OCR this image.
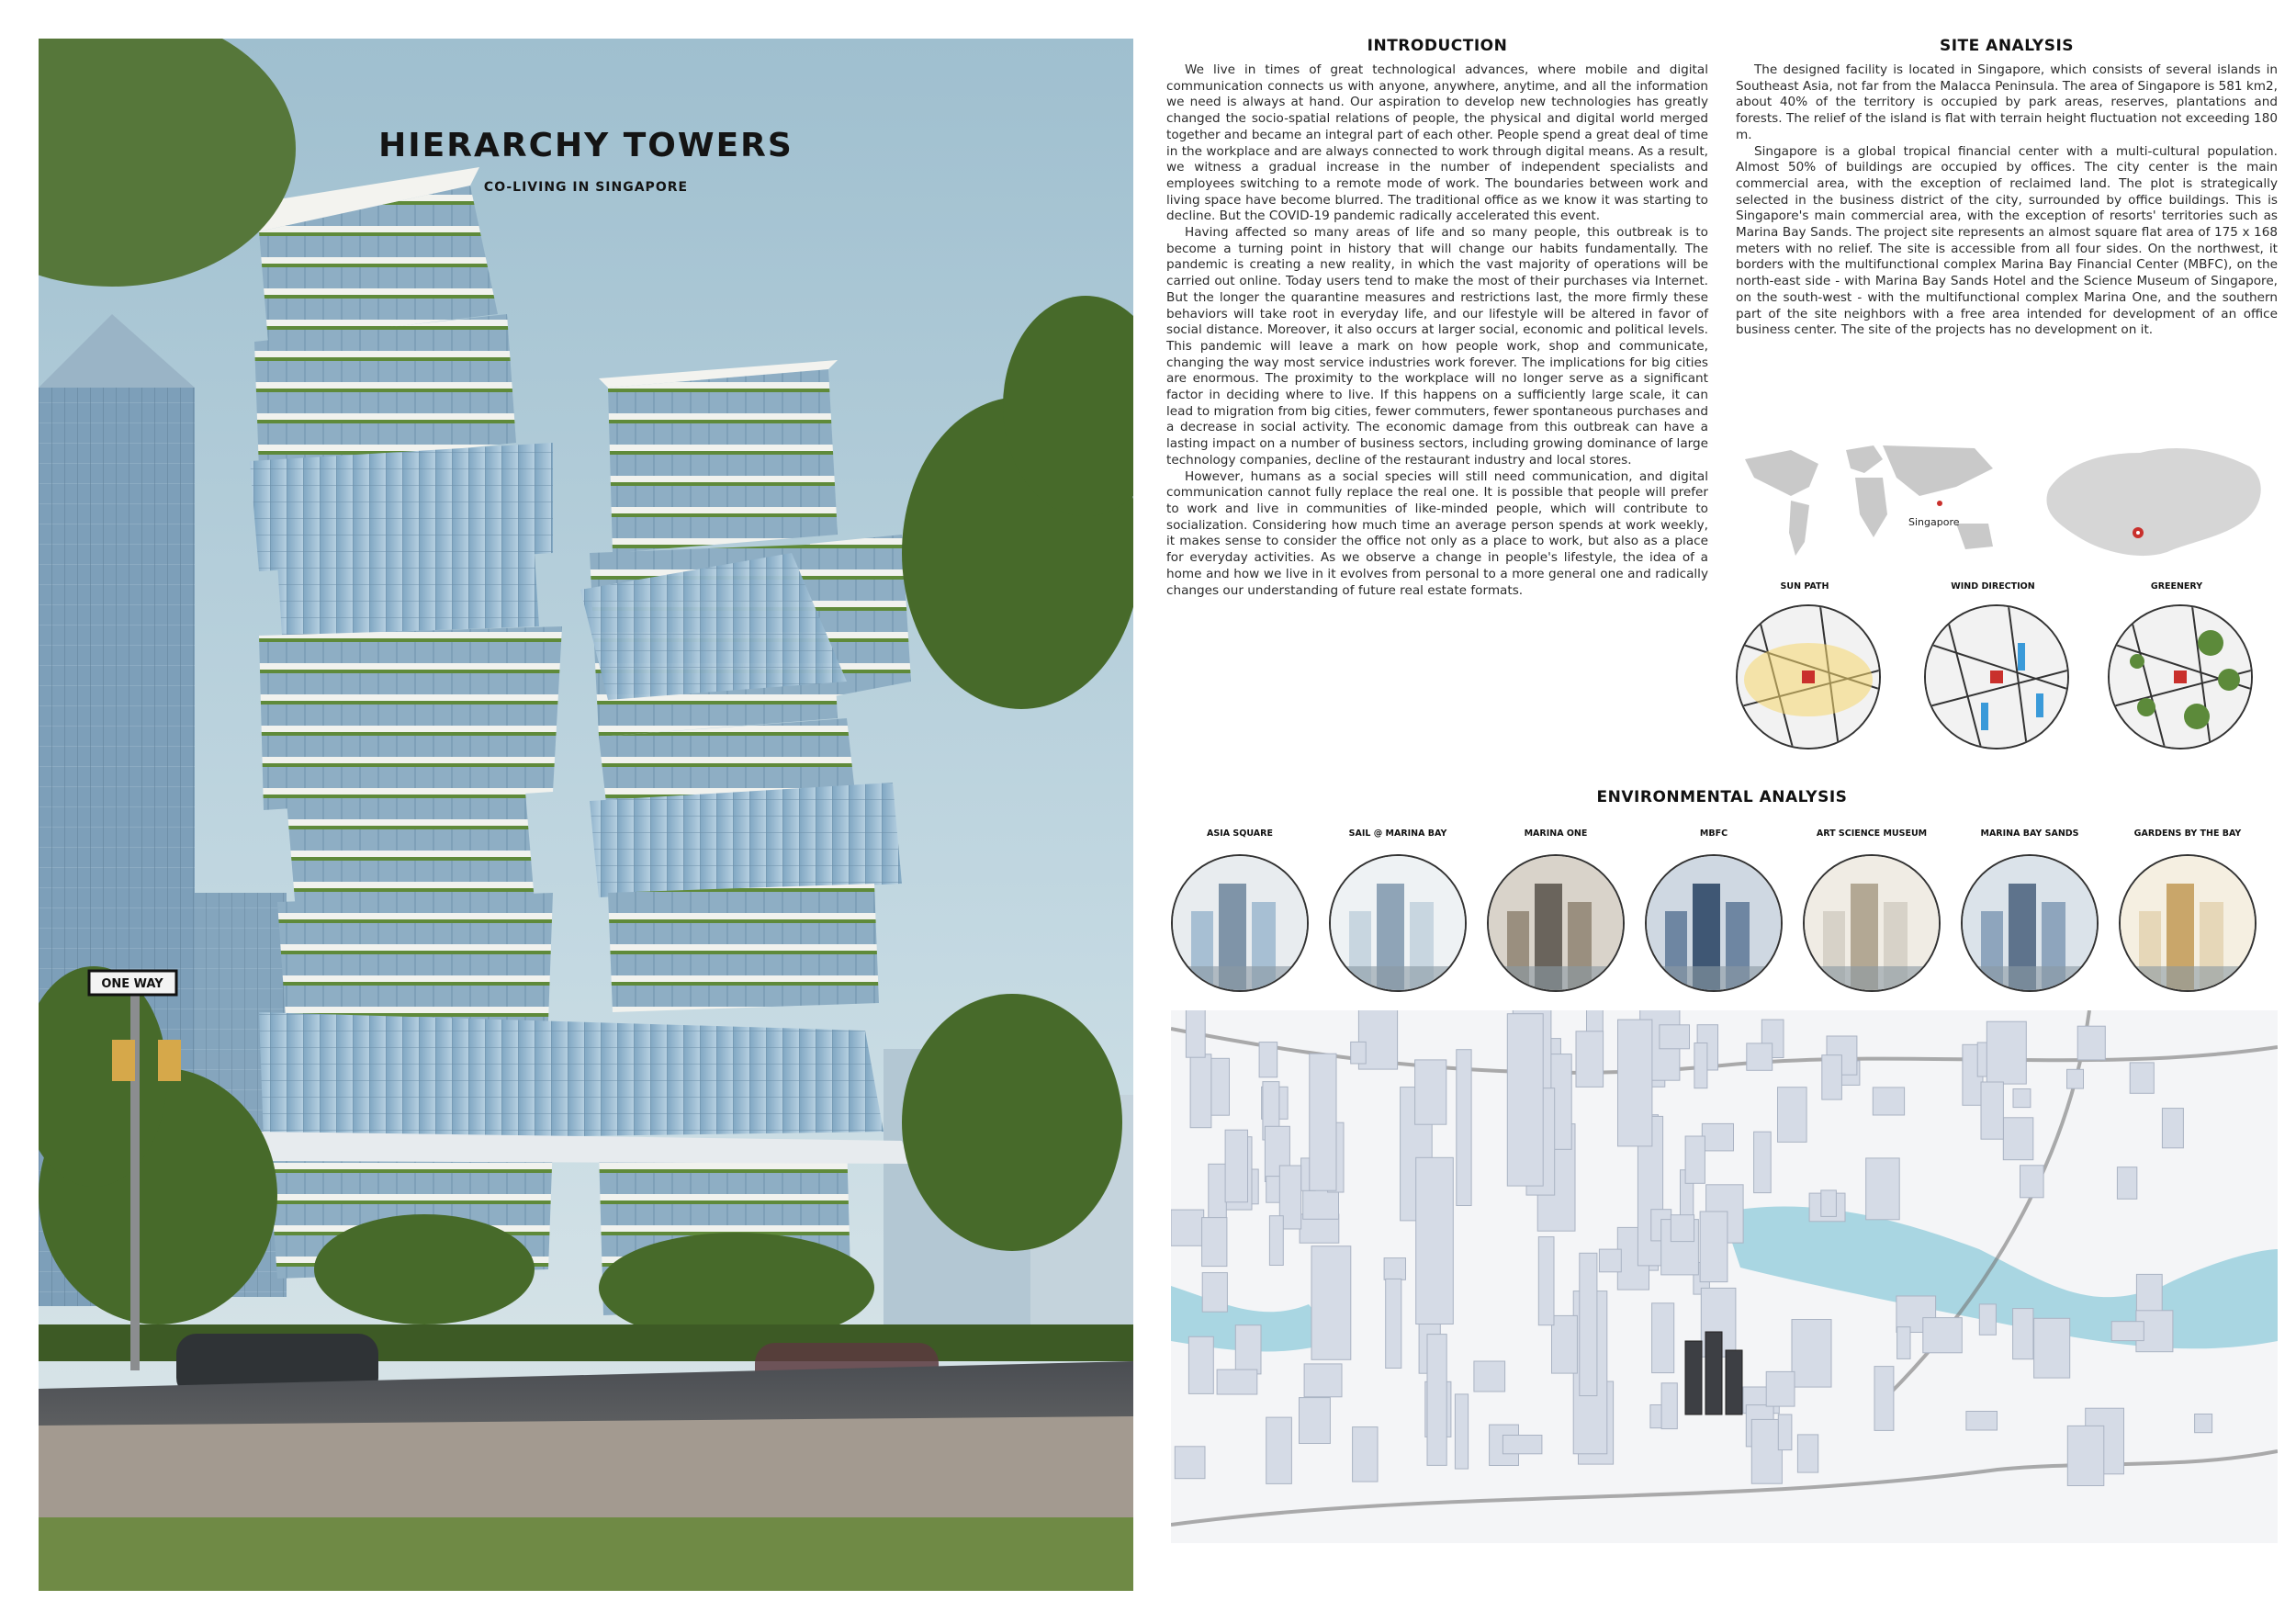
ONE WAY
HIERARCHY TOWERS
CO-LIVING IN SINGAPORE
INTRODUCTION

We live in times of great technological advances, where mobile and digital communication connects us with anyone, anywhere, anytime, and all the information we need is always at hand. Our aspiration to develop new technologies has greatly changed the socio-spatial relations of people, the physical and digital world merged together and became an integral part of each other. People spend a great deal of time in the workplace and are always connected to work through digital means. As a result, we witness a gradual increase in the number of independent specialists and employees switching to a remote mode of work. The boundaries between work and living space have become blurred. The traditional office as we know it was starting to decline. But the COVID-19 pandemic radically accelerated this event.

Having affected so many areas of life and so many people, this outbreak is to become a turning point in history that will change our habits fundamentally. The pandemic is creating a new reality, in which the vast majority of operations will be carried out online. Today users tend to make the most of their purchases via Internet. But the longer the quarantine measures and restrictions last, the more firmly these behaviors will take root in everyday life, and our lifestyle will be altered in favor of social distance. Moreover, it also occurs at larger social, economic and political levels. This pandemic will leave a mark on how people work, shop and communicate, changing the way most service industries work forever. The implications for big cities are enormous. The proximity to the workplace will no longer serve as a significant factor in deciding where to live. If this happens on a sufficiently large scale, it can lead to migration from big cities, fewer commuters, fewer spontaneous purchases and a decrease in social activity. The economic damage from this outbreak can have a lasting impact on a number of business sectors, including growing dominance of large technology companies, decline of the restaurant industry and local stores.

However, humans as a social species will still need communication, and digital communication cannot fully replace the real one. It is possible that people will prefer to work and live in communities of like-minded people, which will contribute to socialization. Considering how much time an average person spends at work weekly, it makes sense to consider the office not only as a place to work, but also as a place for everyday activities. As we observe a change in people's lifestyle, the idea of a home and how we live in it evolves from personal to a more general one and radically changes our understanding of future real estate formats.

SITE ANALYSIS

The designed facility is located in Singapore, which consists of several islands in Southeast Asia, not far from the Malacca Peninsula. The area of Singapore is 581 km2, about 40% of the territory is occupied by park areas, reserves, plantations and forests. The relief of the island is flat with terrain height fluctuation not exceeding 180 m.

Singapore is a global tropical financial center with a multi-cultural population. Almost 50% of buildings are occupied by offices. The city center is the main commercial area, with the exception of reclaimed land. The plot is strategically selected in the business district of the city, surrounded by office buildings. This is Singapore's main commercial area, with the exception of resorts' territories such as Marina Bay Sands. The project site represents an almost square flat area of 175 x 168 meters with no relief. The site is accessible from all four sides. On the northwest, it borders with the multifunctional complex Marina Bay Financial Center (MBFC), on the north-east side - with Marina Bay Sands Hotel and the Science Museum of Singapore, on the south-west - with the multifunctional complex Marina One, and the southern part of the site neighbors with a free area intended for development of an office business center. The site of the projects has no development on it.

Singapore
SUN PATH	WIND DIRECTION	GREENERY
ENVIRONMENTAL ANALYSIS
ASIA SQUARE	SAIL @ MARINA BAY	MARINA ONE	MBFC	ART SCIENCE MUSEUM	MARINA BAY SANDS	GARDENS BY THE BAY
